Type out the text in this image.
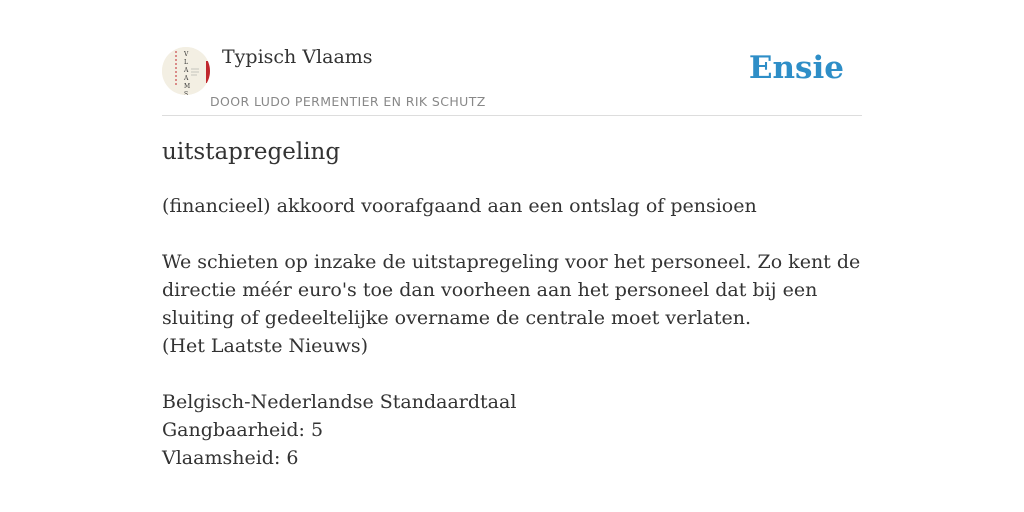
V
L
A
A
M
S
Typisch Vlaams
DOOR LUDO PERMENTIER EN RIK SCHUTZ
Ensie
uitstapregeling

(financieel) akkoord voorafgaand aan een ontslag of pensioen

We schieten op inzake de uitstapregeling voor het personeel. Zo kent de directie méér euro's toe dan voorheen aan het personeel dat bij een sluiting of gedeeltelijke overname de centrale moet verlaten.
(Het Laatste Nieuws)
Belgisch-Nederlandse Standaardtaal
Gangbaarheid: 5
Vlaamsheid: 6
